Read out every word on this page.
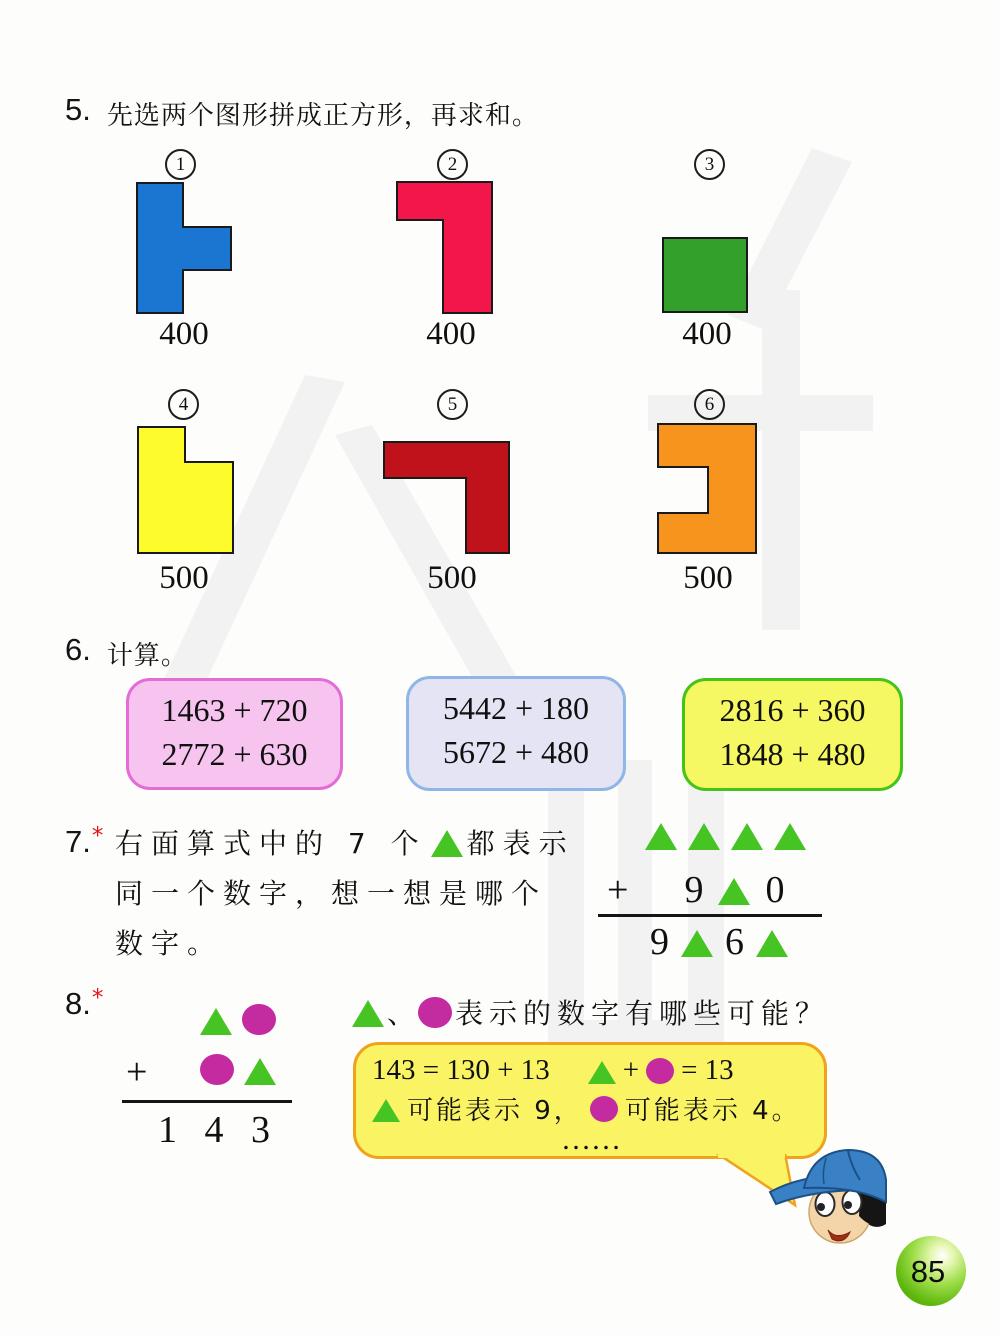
5. 先选两个图形拼成正方形，再求和。
1
400
2
400
3
400
4
500
5
500
6
500
6. 计算。
1463 + 720
2772 + 630
5442 + 180
5672 + 480
2816 + 360
1848 + 480
7.* 右面算式中的 7 个 都表示
同一个数字，想一想是哪个
数字。
+ 9 0
9 6
8.*
+
1 4 3
、 表示的数字有哪些可能？
143 = 130 + 13	+ = 13
可能表示 9， 可能表示 4。
……
85
